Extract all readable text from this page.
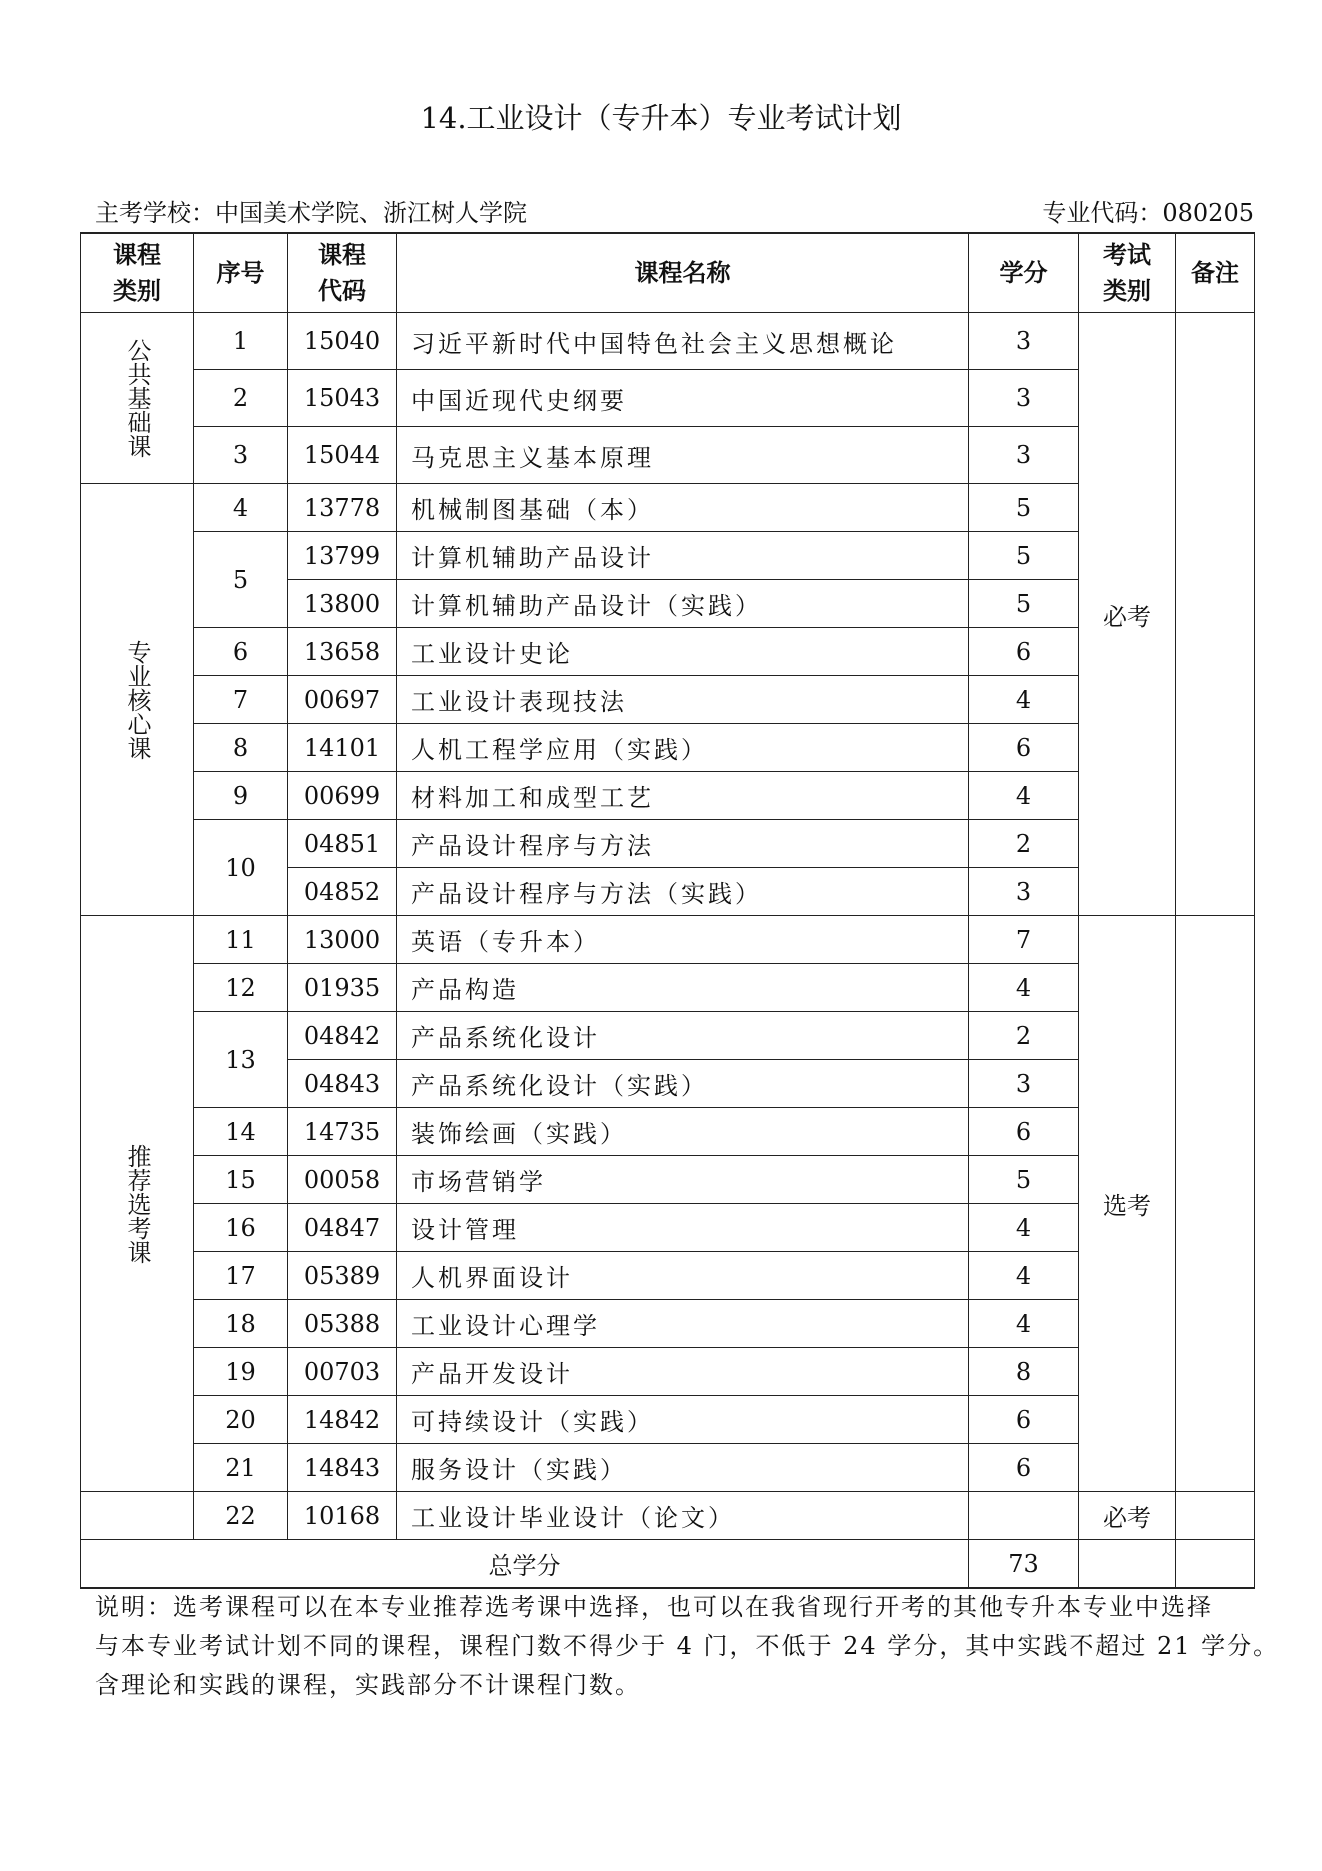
14.工业设计（专升本）专业考试计划
主考学校：中国美术学院、浙江树人学院	专业代码：080205
课程类别	序号	课程代码	课程名称	学分	考试类别	备注

公共基础课	1	15040	习近平新时代中国特色社会主义思想概论	3	必考	
	2	15043	中国近现代史纲要	3		
	3	15044	马克思主义基本原理	3		

专业核心课	4	13778	机械制图基础（本）	5		
	5	13799	计算机辅助产品设计	5		
		13800	计算机辅助产品设计（实践）	5		
	6	13658	工业设计史论	6		
	7	00697	工业设计表现技法	4		
	8	14101	人机工程学应用（实践）	6		
	9	00699	材料加工和成型工艺	4		
	10	04851	产品设计程序与方法	2		
		04852	产品设计程序与方法（实践）	3		

推荐选考课	11	13000	英语（专升本）	7	选考	
	12	01935	产品构造	4		
	13	04842	产品系统化设计	2		
		04843	产品系统化设计（实践）	3		
	14	14735	装饰绘画（实践）	6		
	15	00058	市场营销学	5		
	16	04847	设计管理	4		
	17	05389	人机界面设计	4		
	18	05388	工业设计心理学	4		
	19	00703	产品开发设计	8		
	20	14842	可持续设计（实践）	6		
	21	14843	服务设计（实践）	6		

	22	10168	工业设计毕业设计（论文）		必考	
总学分				73		
说明：选考课程可以在本专业推荐选考课中选择，也可以在我省现行开考的其他专升本专业中选择
与本专业考试计划不同的课程，课程门数不得少于 4 门，不低于 24 学分，其中实践不超过 21 学分。
含理论和实践的课程，实践部分不计课程门数。
